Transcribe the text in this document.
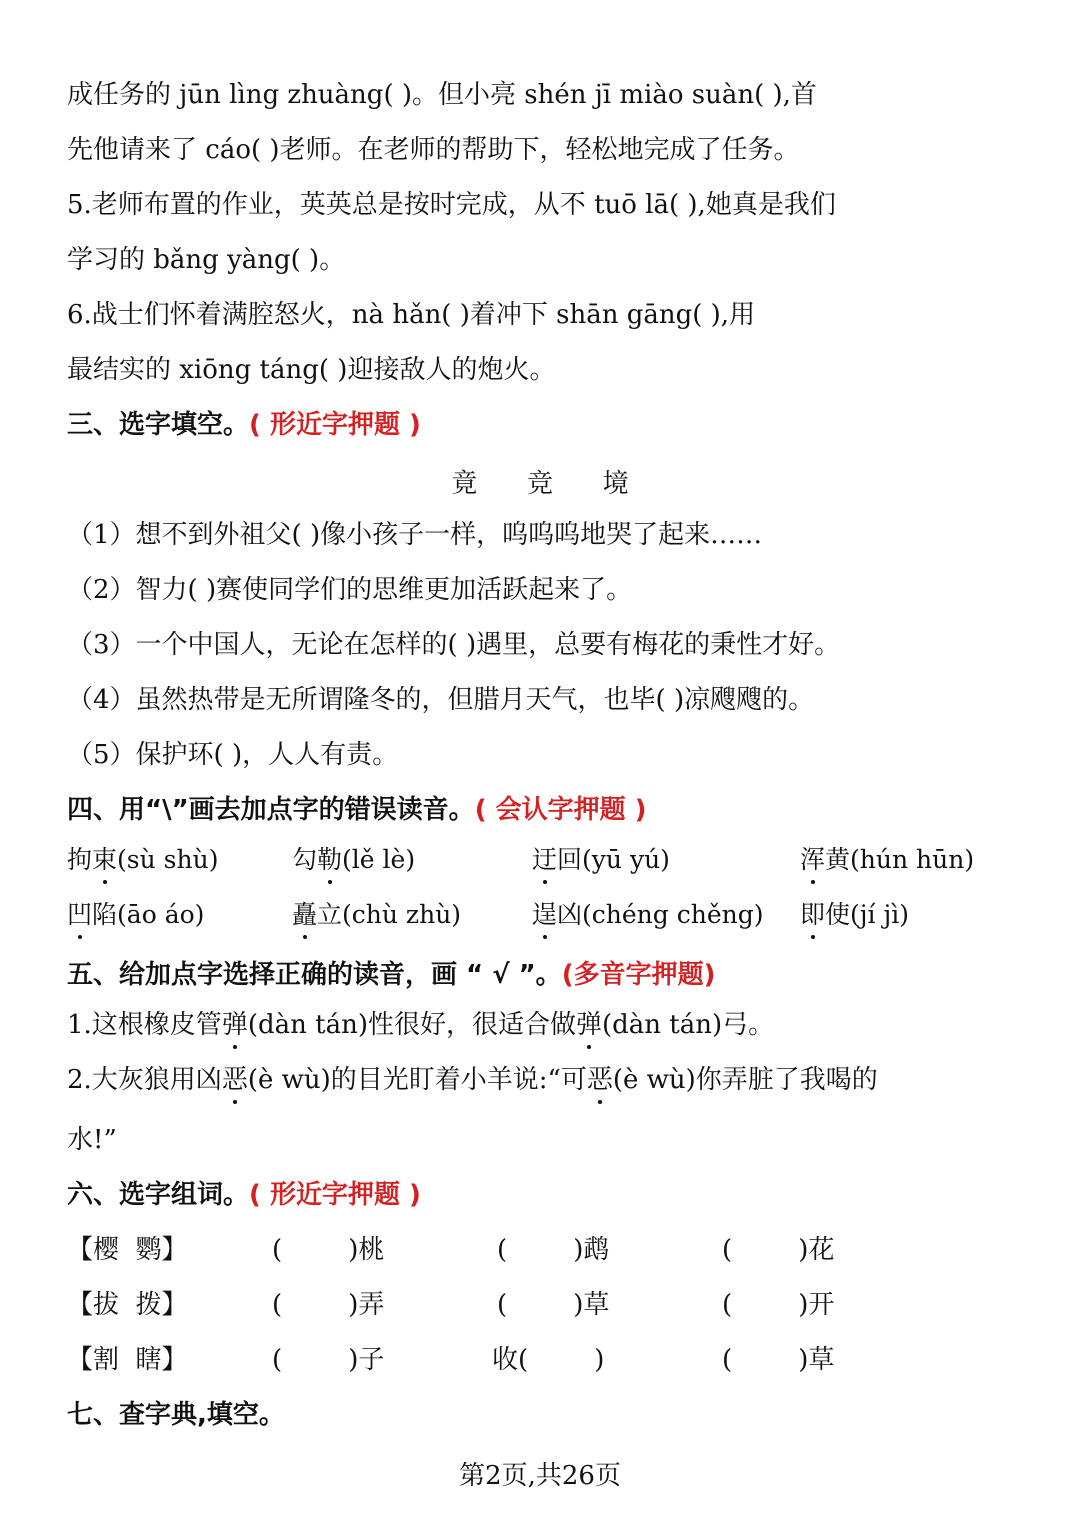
成任务的 jūn lìng zhuàng( )。但小亮 shén jī miào suàn( ),首
先他请来了 cáo( )老师。在老师的帮助下，轻松地完成了任务。
5.老师布置的作业，英英总是按时完成，从不 tuō lā( ),她真是我们
学习的 bǎng yàng( )。
6.战士们怀着满腔怒火，nà hǎn( )着冲下 shān gāng( ),用
最结实的 xiōng táng( )迎接敌人的炮火。
三、选字填空。( 形近字押题 )
竟      竞      境
（1）想不到外祖父( )像小孩子一样，呜呜呜地哭了起来……
（2）智力( )赛使同学们的思维更加活跃起来了。
（3）一个中国人，无论在怎样的( )遇里，总要有梅花的秉性才好。
（4）虽然热带是无所谓隆冬的，但腊月天气，也毕( )凉飕飕的。
（5）保护环( )，人人有责。
四、用“\”画去加点字的错误读音。( 会认字押题 )
拘束(sù shù)	勾勒(lě lè)	迂回(yū yú)	浑黄(hún hūn)
凹陷(āo áo)	矗立(chù zhù)	逞凶(chéng chěng) 即使(jí jì)
五、给加点字选择正确的读音，画 “ √ ”。(多音字押题)
1.这根橡皮管弹(dàn tán)性很好，很适合做弹(dàn tán)弓。
2.大灰狼用凶恶(è wù)的目光盯着小羊说:“可恶(è wù)你弄脏了我喝的
水!”
六、选字组词。( 形近字押题 )
【樱  鹦】	(        )桃	(        )鹉	(        )花
【拔  拨】	(        )弄	(        )草	(        )开
【割  瞎】	(        )子	收(        )	(        )草
七、查字典,填空。
第2页,共26页
